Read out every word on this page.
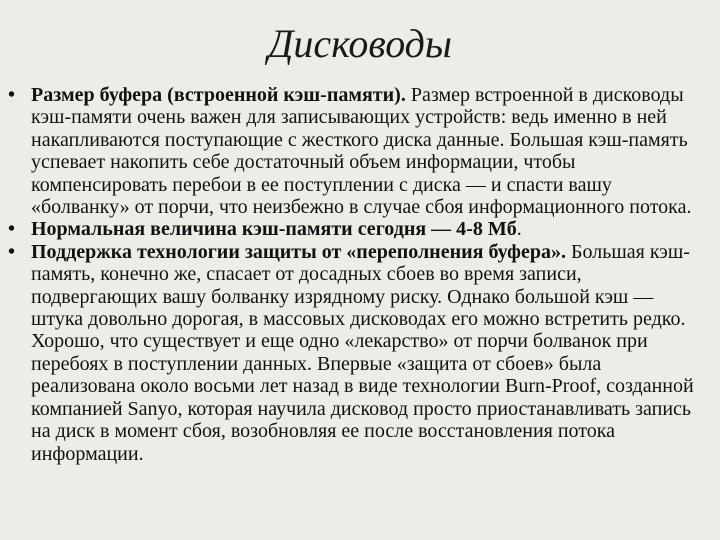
Дисководы
• Размер буфера (встроенной кэш-памяти). Размер встроенной в дисководы кэш-памяти очень важен для записывающих устройств: ведь именно в ней накапливаются поступающие с жесткого диска данные. Большая кэш-память успевает накопить себе достаточный объем информации, чтобы компенсировать перебои в ее поступлении с диска — и спасти вашу «болванку» от порчи, что неизбежно в случае сбоя информационного потока.
• Нормальная величина кэш-памяти сегодня — 4-8 Мб.
• Поддержка технологии защиты от «переполнения буфера». Большая кэш-память, конечно же, спасает от досадных сбоев во время записи, подвергающих вашу болванку изрядному риску. Однако большой кэш — штука довольно дорогая, в массовых дисководах его можно встретить редко. Хорошо, что существует и еще одно «лекарство» от порчи болванок при перебоях в поступлении данных. Впервые «защита от сбоев» была реализована около восьми лет назад в виде технологии Burn-Proof, созданной компанией Sanyo, которая научила дисковод просто приостанавливать запись на диск в момент сбоя, возобновляя ее после восстановления потока информации.
